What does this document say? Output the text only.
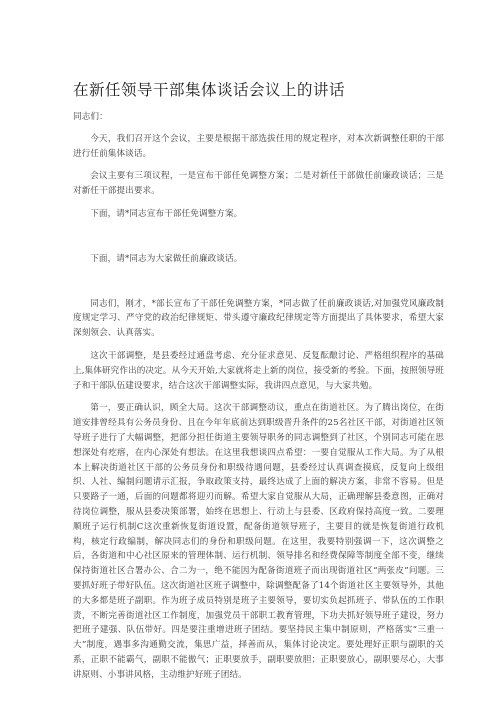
在新任领导干部集体谈话会议上的讲话

同志们：

今天，我们召开这个会议，主要是根据干部选拔任用的规定程序，对本次新调整任职的干部进行任前集体谈话。

会议主要有三项议程，一是宣布干部任免调整方案；二是对新任干部做任前廉政谈话；三是对新任干部提出要求。

下面，请*同志宣布干部任免调整方案。

下面，请*同志为大家做任前廉政谈话。

同志们，刚才，*部长宣布了干部任免调整方案，*同志做了任前廉政谈话,对加强党风廉政制度规定学习、严守党的政治纪律规矩、带头遵守廉政纪律规定等方面提出了具体要求，希望大家深刻领会、认真落实。

这次干部调整，是县委经过通盘考虑、充分征求意见、反复酝酿讨论、严格组织程序的基础上,集体研究作出的决定。从今天开始,大家就将走上新的岗位，接受新的考验。下面，按照领导班子和干部队伍建设要求，结合这次干部调整实际，我讲四点意见，与大家共勉。

第一，要正确认识，顾全大局。这次干部调整动议，重点在街道社区。为了腾出岗位，在街道安排曾经具有公务员身份、且在今年年底前达到职级晋升条件的25名社区干部，对街道社区领导班子进行了大幅调整，把部分担任街道主要领导职务的同志调整到了社区，个别同志可能在思想深处有疙瘩，在内心深处有想法。在这里我想谈四点希望：一要自觉服从工作大局。为了从根本上解决街道社区干部的公务员身份和职级待遇问题，县委经过认真调查摸底，反复向上级组织、人社、编制问题请示汇报，争取政策支持，最终达成了上面的解决方案，非常不容易。但是只要路子一通，后面的问题都将迎刃而解。希望大家自觉服从大局，正确理解县委意图，正确对待岗位调整，服从县委决策部署，始终在思想上、行动上与县委、区政府保持高度一致。二要理顺班子运行机制C这次重新恢复街道设置，配备街道领导班子，主要目的就是恢复街道行政机构，核定行政编制，解决同志们的身份和职级问题。在这里，我要特别强调一下，这次调整之后，各街道和中心社区原来的管理体制、运行机制、领导排名和经费保障等制度全部不变，继续保持街道社区合署办公、合二为一，绝不能因为配备街道班子而出现街道社区“两张皮”问题。三要抓好班子带好队伍。这次街道社区班子调整中，除调整配备了14个街道社区主要领导外，其他的大多都是班子副职。作为班子成员特别是班子主要领导，要切实负起抓班子、带队伍的工作职责，不断完善街道社区工作制度，加强党员干部职工教育管理，下功夫抓好领导班子建设，努力把班子建强、队伍带好。四是要注重增进班子团结。要坚持民主集中制原则，严格落实“三重一大”制度，遇事多沟通勤交流，集思广益，择善而从，集体讨论决定。要处理好正职与副职的关系，正职不能霸气，副职不能傲气；正职要放手，副职要放胆；正职要放心，副职要尽心，大事讲原则、小事讲风格，主动维护好班子团结。
